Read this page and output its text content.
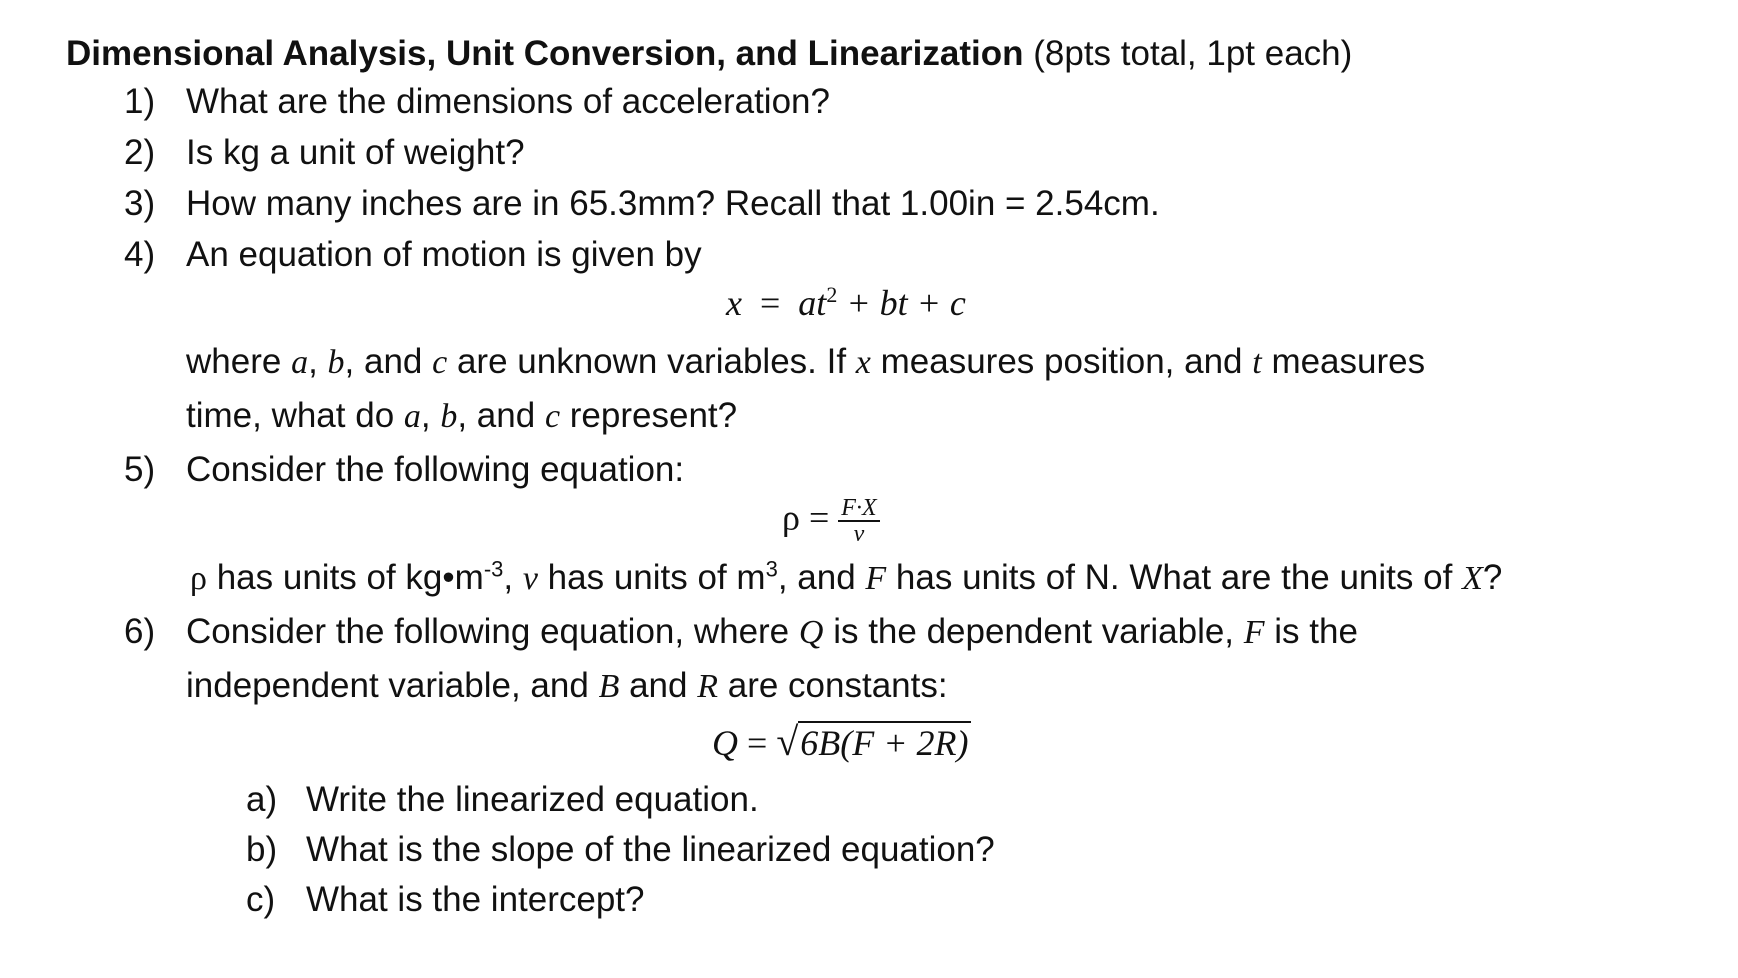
Dimensional Analysis, Unit Conversion, and Linearization (8pts total, 1pt each)
1) What are the dimensions of acceleration?
2) Is kg a unit of weight?
3) How many inches are in 65.3mm? Recall that 1.00in = 2.54cm.
4) An equation of motion is given by
$x = at^2$ + bt + c
where a, b, and c are unknown variables. If x measures position, and t measures
time, what do a, b, and c represent?
5) Consider the following equation:
$\rho = \frac{F\cdot X}{v}$
ρ has units of $kg•m^{-3}$, v has units of $m^3$, and F has units of N. What are the units of X?
6) Consider the following equation, where Q is the dependent variable, F is the
independent variable, and B and R are constants:
Q = √6B(F + 2R)
a) Write the linearized equation.
b) What is the slope of the linearized equation?
c) What is the intercept?
